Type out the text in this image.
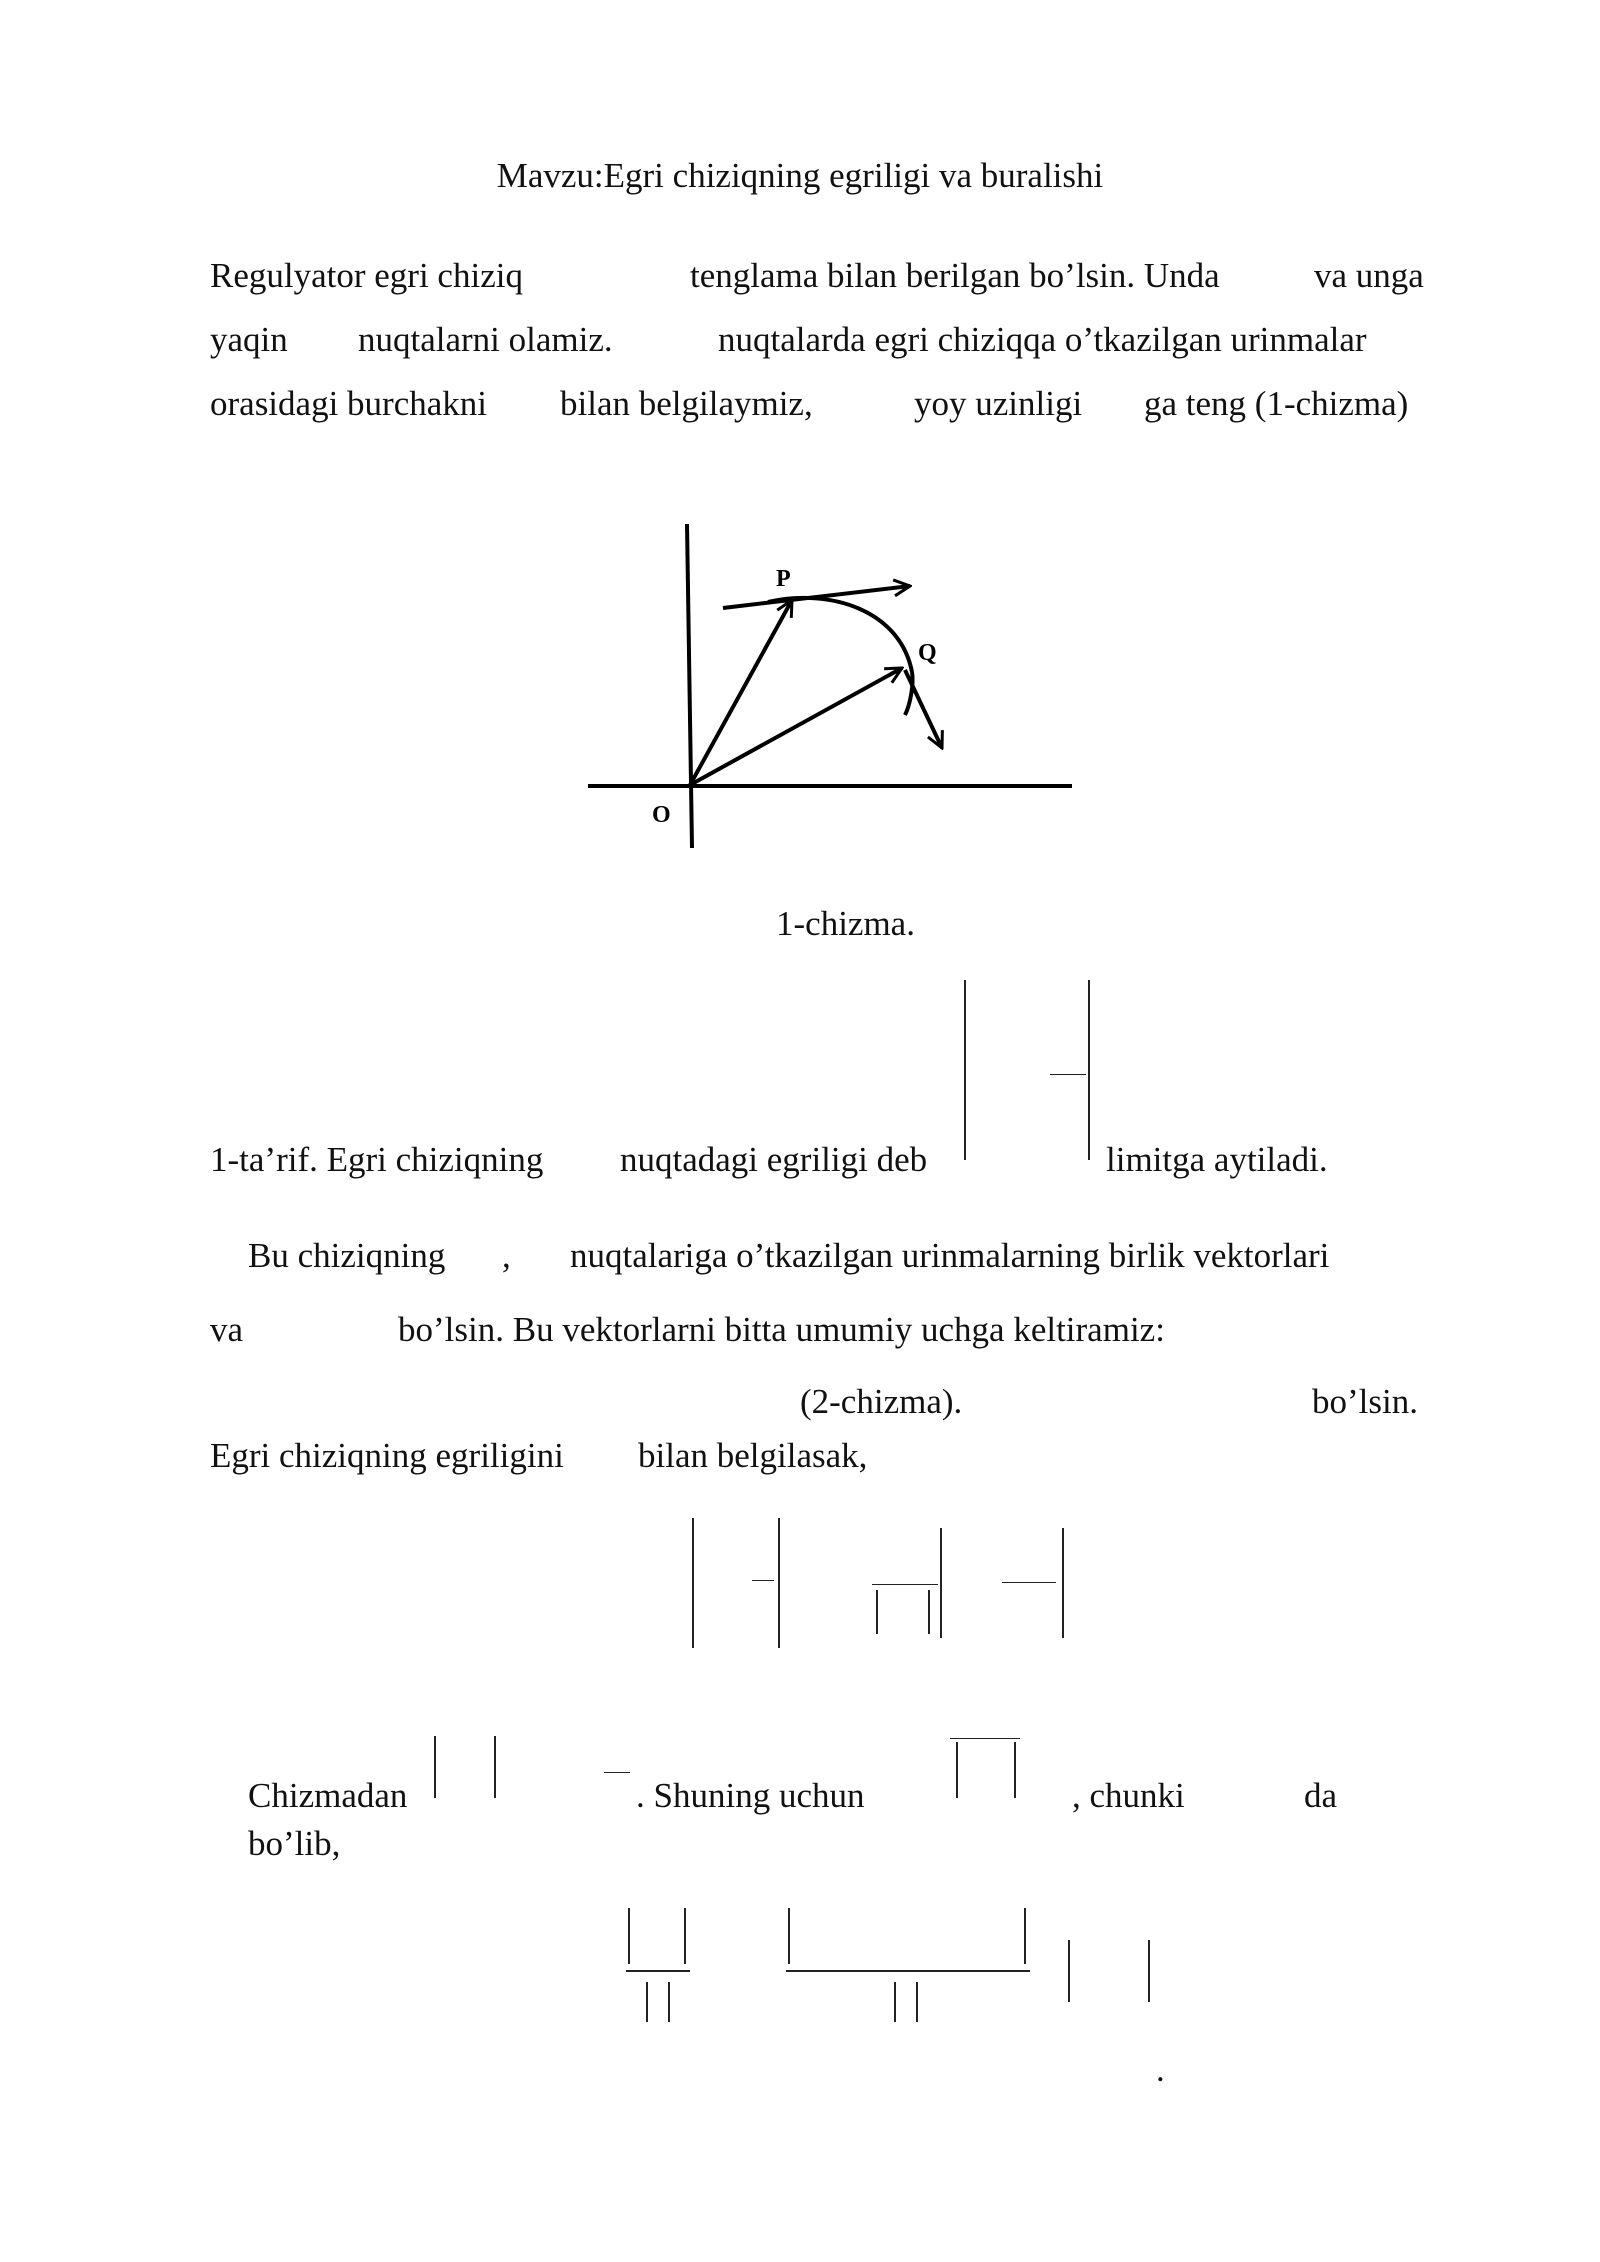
Mavzu:Egri chiziqning egriligi va buralishi
Regulyator egri chiziq	tenglama bilan berilgan bo’lsin. Unda	va unga
yaqin nuqtalarni olamiz.	nuqtalarda egri chiziqqa o’tkazilgan urinmalar
orasidagi burchakni bilan belgilaymiz,	yoy uzinligi ga teng (1-chizma)
P
Q
O
1-chizma.
1-ta’rif. Egri chiziqning nuqtadagi egriligi deb	limitga aytiladi.
Bu chiziqning , nuqtalariga o’tkazilgan urinmalarning birlik vektorlari
va	bo’lsin. Bu vektorlarni bitta umumiy uchga keltiramiz:
(2-chizma).	bo’lsin.
Egri chiziqning egriligini bilan belgilasak,
Chizmadan	. Shuning uchun	, chunki	da
bo’lib,
.
